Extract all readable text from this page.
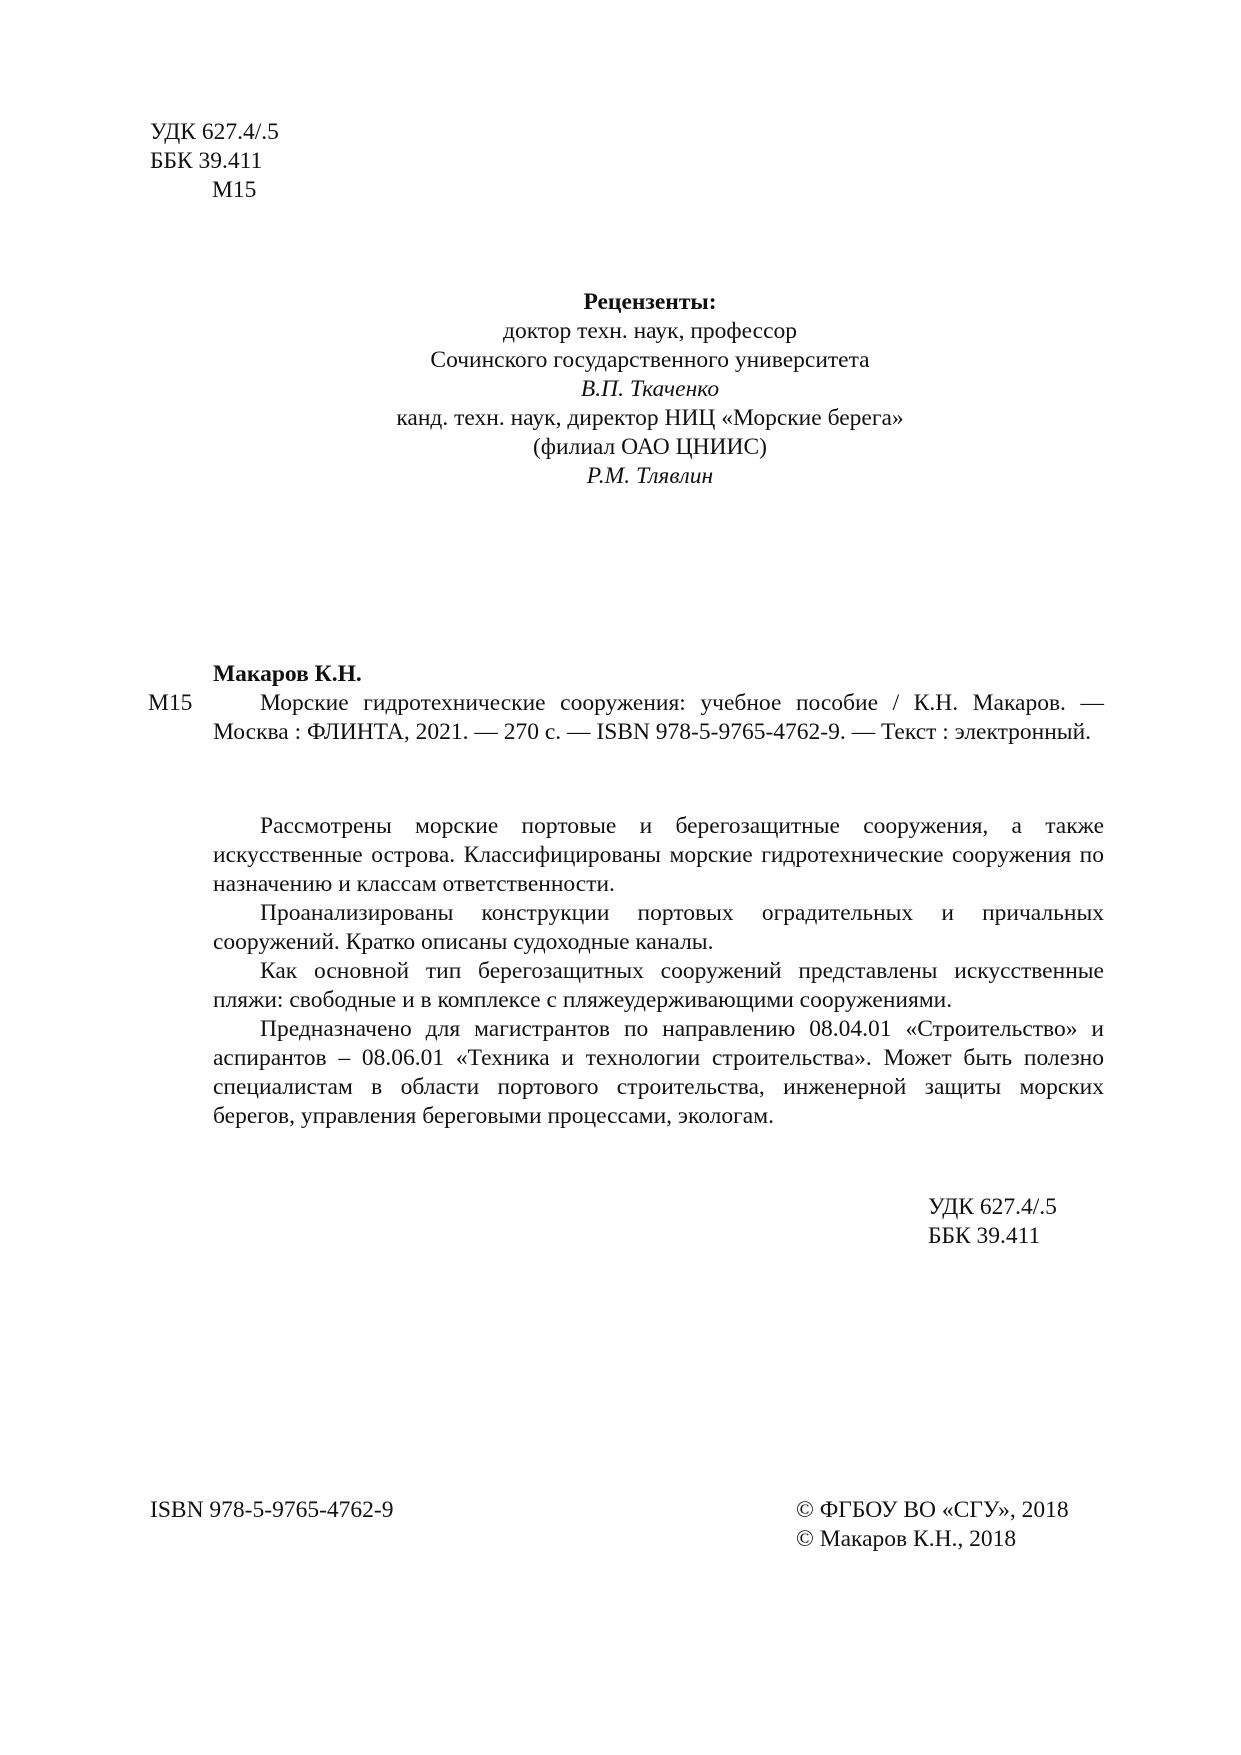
УДК 627.4/.5
ББК 39.411
М15
Рецензенты:
доктор техн. наук, профессор
Сочинского государственного университета
В.П. Ткаченко
канд. техн. наук, директор НИЦ «Морские берега»
(филиал ОАО ЦНИИС)
Р.М. Тлявлин
Макаров К.Н.

Морские гидротехнические сооружения: учебное пособие / К.Н. Макаров. — Москва : ФЛИНТА, 2021. — 270 с. — ISBN 978-5-9765-4762-9. — Текст : электронный.

М15

Рассмотрены морские портовые и берегозащитные сооружения, а также искусственные острова. Классифицированы морские гидротехнические сооружения по назначению и классам ответственности.

Проанализированы конструкции портовых оградительных и причальных сооружений. Кратко описаны судоходные каналы.

Как основной тип берегозащитных сооружений представлены искусственные пляжи: свободные и в комплексе с пляжеудерживающими сооружениями.

Предназначено для магистрантов по направлению 08.04.01 «Строительство» и аспирантов – 08.06.01 «Техника и технологии строительства». Может быть полезно специалистам в области портового строительства, инженерной защиты морских берегов, управления береговыми процессами, экологам.

УДК 627.4/.5
ББК 39.411
ISBN 978-5-9765-4762-9	© ФГБОУ ВО «СГУ», 2018
© Макаров К.Н., 2018
